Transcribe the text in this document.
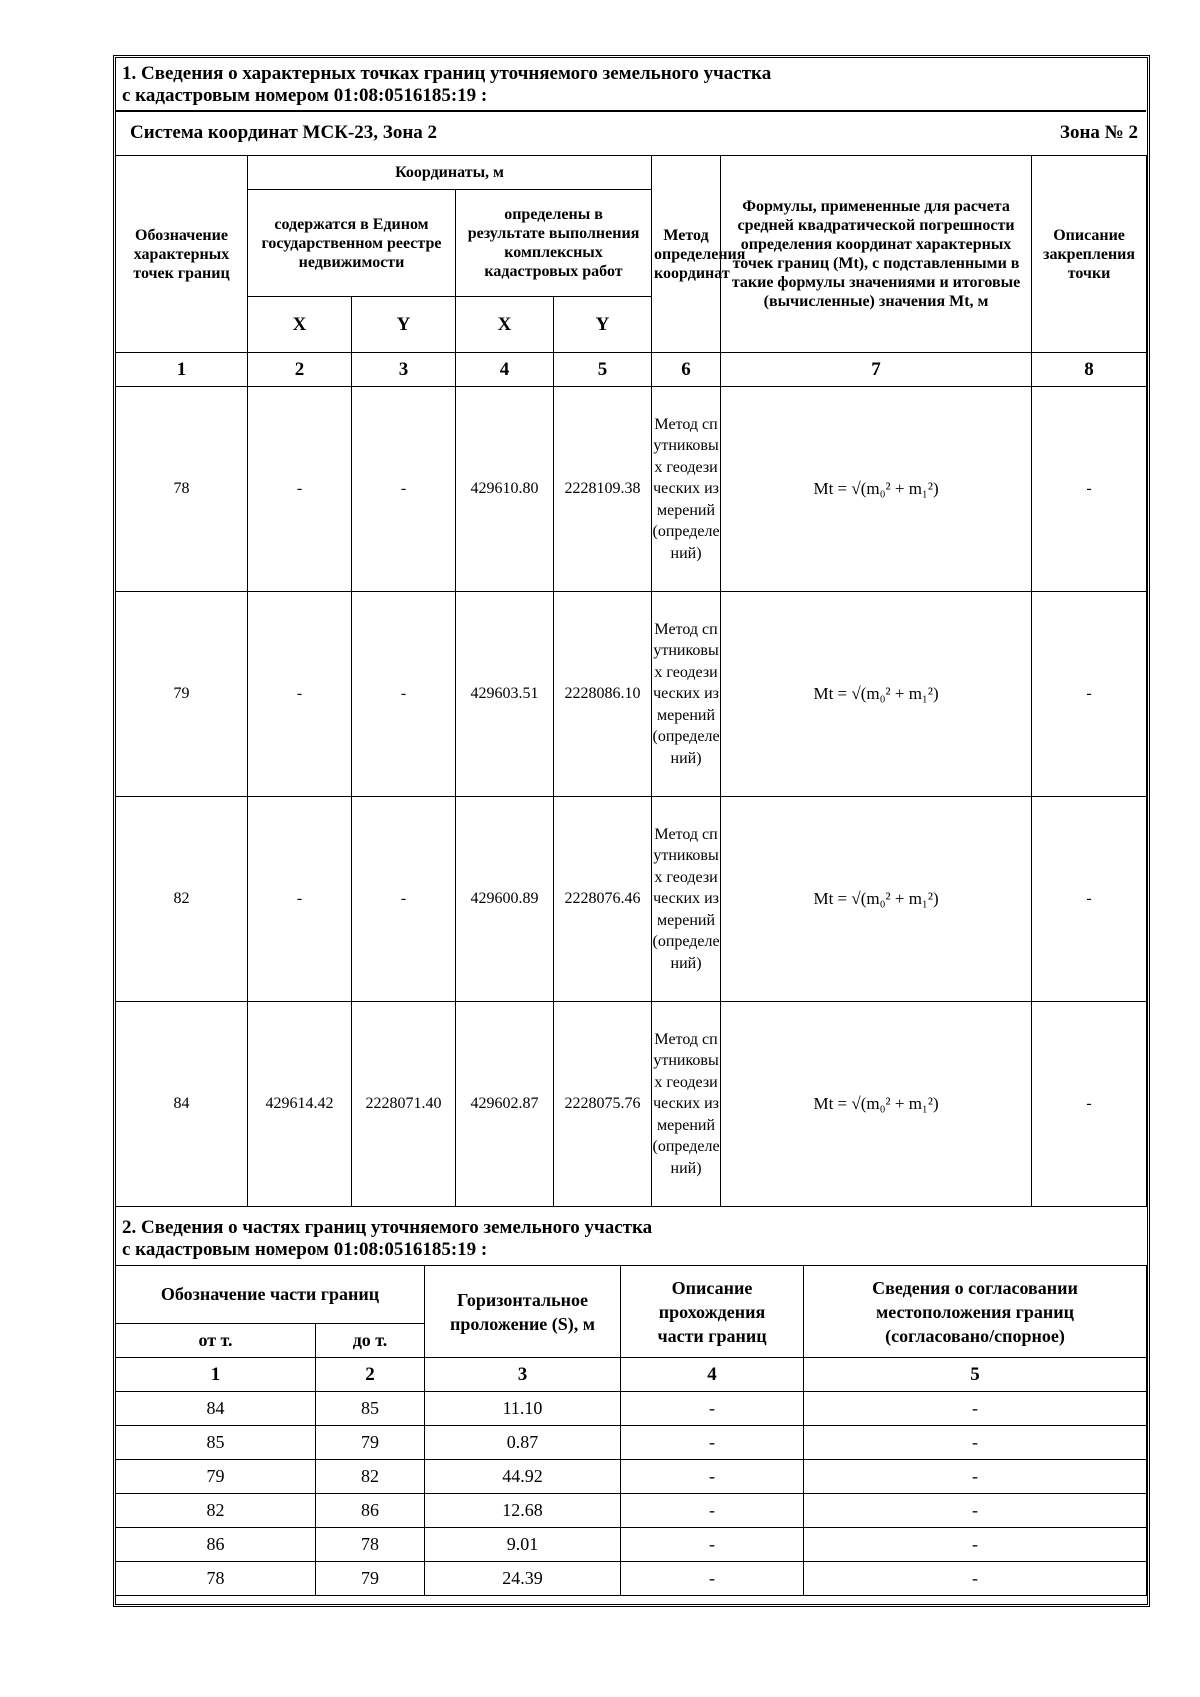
1. Сведения о характерных точках границ уточняемого земельного участка
с кадастровым номером 01:08:0516185:19 :
Система координат МСК-23, Зона 2	Зона № 2
Обозначение характерных точек границ	Координаты, м				Метод определения координат	Формулы, примененные для расчета средней квадратической погрешности определения координат характерных точек границ (Mt), с подставленными в такие формулы значениями и итоговые (вычисленные) значения Mt, м	Описание закрепления точки
	содержатся в Едином государственном реестре недвижимости		определены в результате выполнения комплексных кадастровых работ				
	X	Y	X	Y			
1	2	3	4	5	6	7	8
78	-	-	429610.80	2228109.38	Метод спутниковых геодезических измерений (определений)	Mt = √(m₀² + m₁²)	-
79	-	-	429603.51	2228086.10	Метод спутниковых геодезических измерений (определений)	Mt = √(m₀² + m₁²)	-
82	-	-	429600.89	2228076.46	Метод спутниковых геодезических измерений (определений)	Mt = √(m₀² + m₁²)	-
84	429614.42	2228071.40	429602.87	2228075.76	Метод спутниковых геодезических измерений (определений)	Mt = √(m₀² + m₁²)	-
2. Сведения о частях границ уточняемого земельного участка
с кадастровым номером 01:08:0516185:19 :
Обозначение части границ		Горизонтальное проложение (S), м	Описание прохождения части границ	Сведения о согласовании местоположения границ (согласовано/спорное)
от т.	до т.			
1	2	3	4	5
84	85	11.10	-	-
85	79	0.87	-	-
79	82	44.92	-	-
82	86	12.68	-	-
86	78	9.01	-	-
78	79	24.39	-	-
